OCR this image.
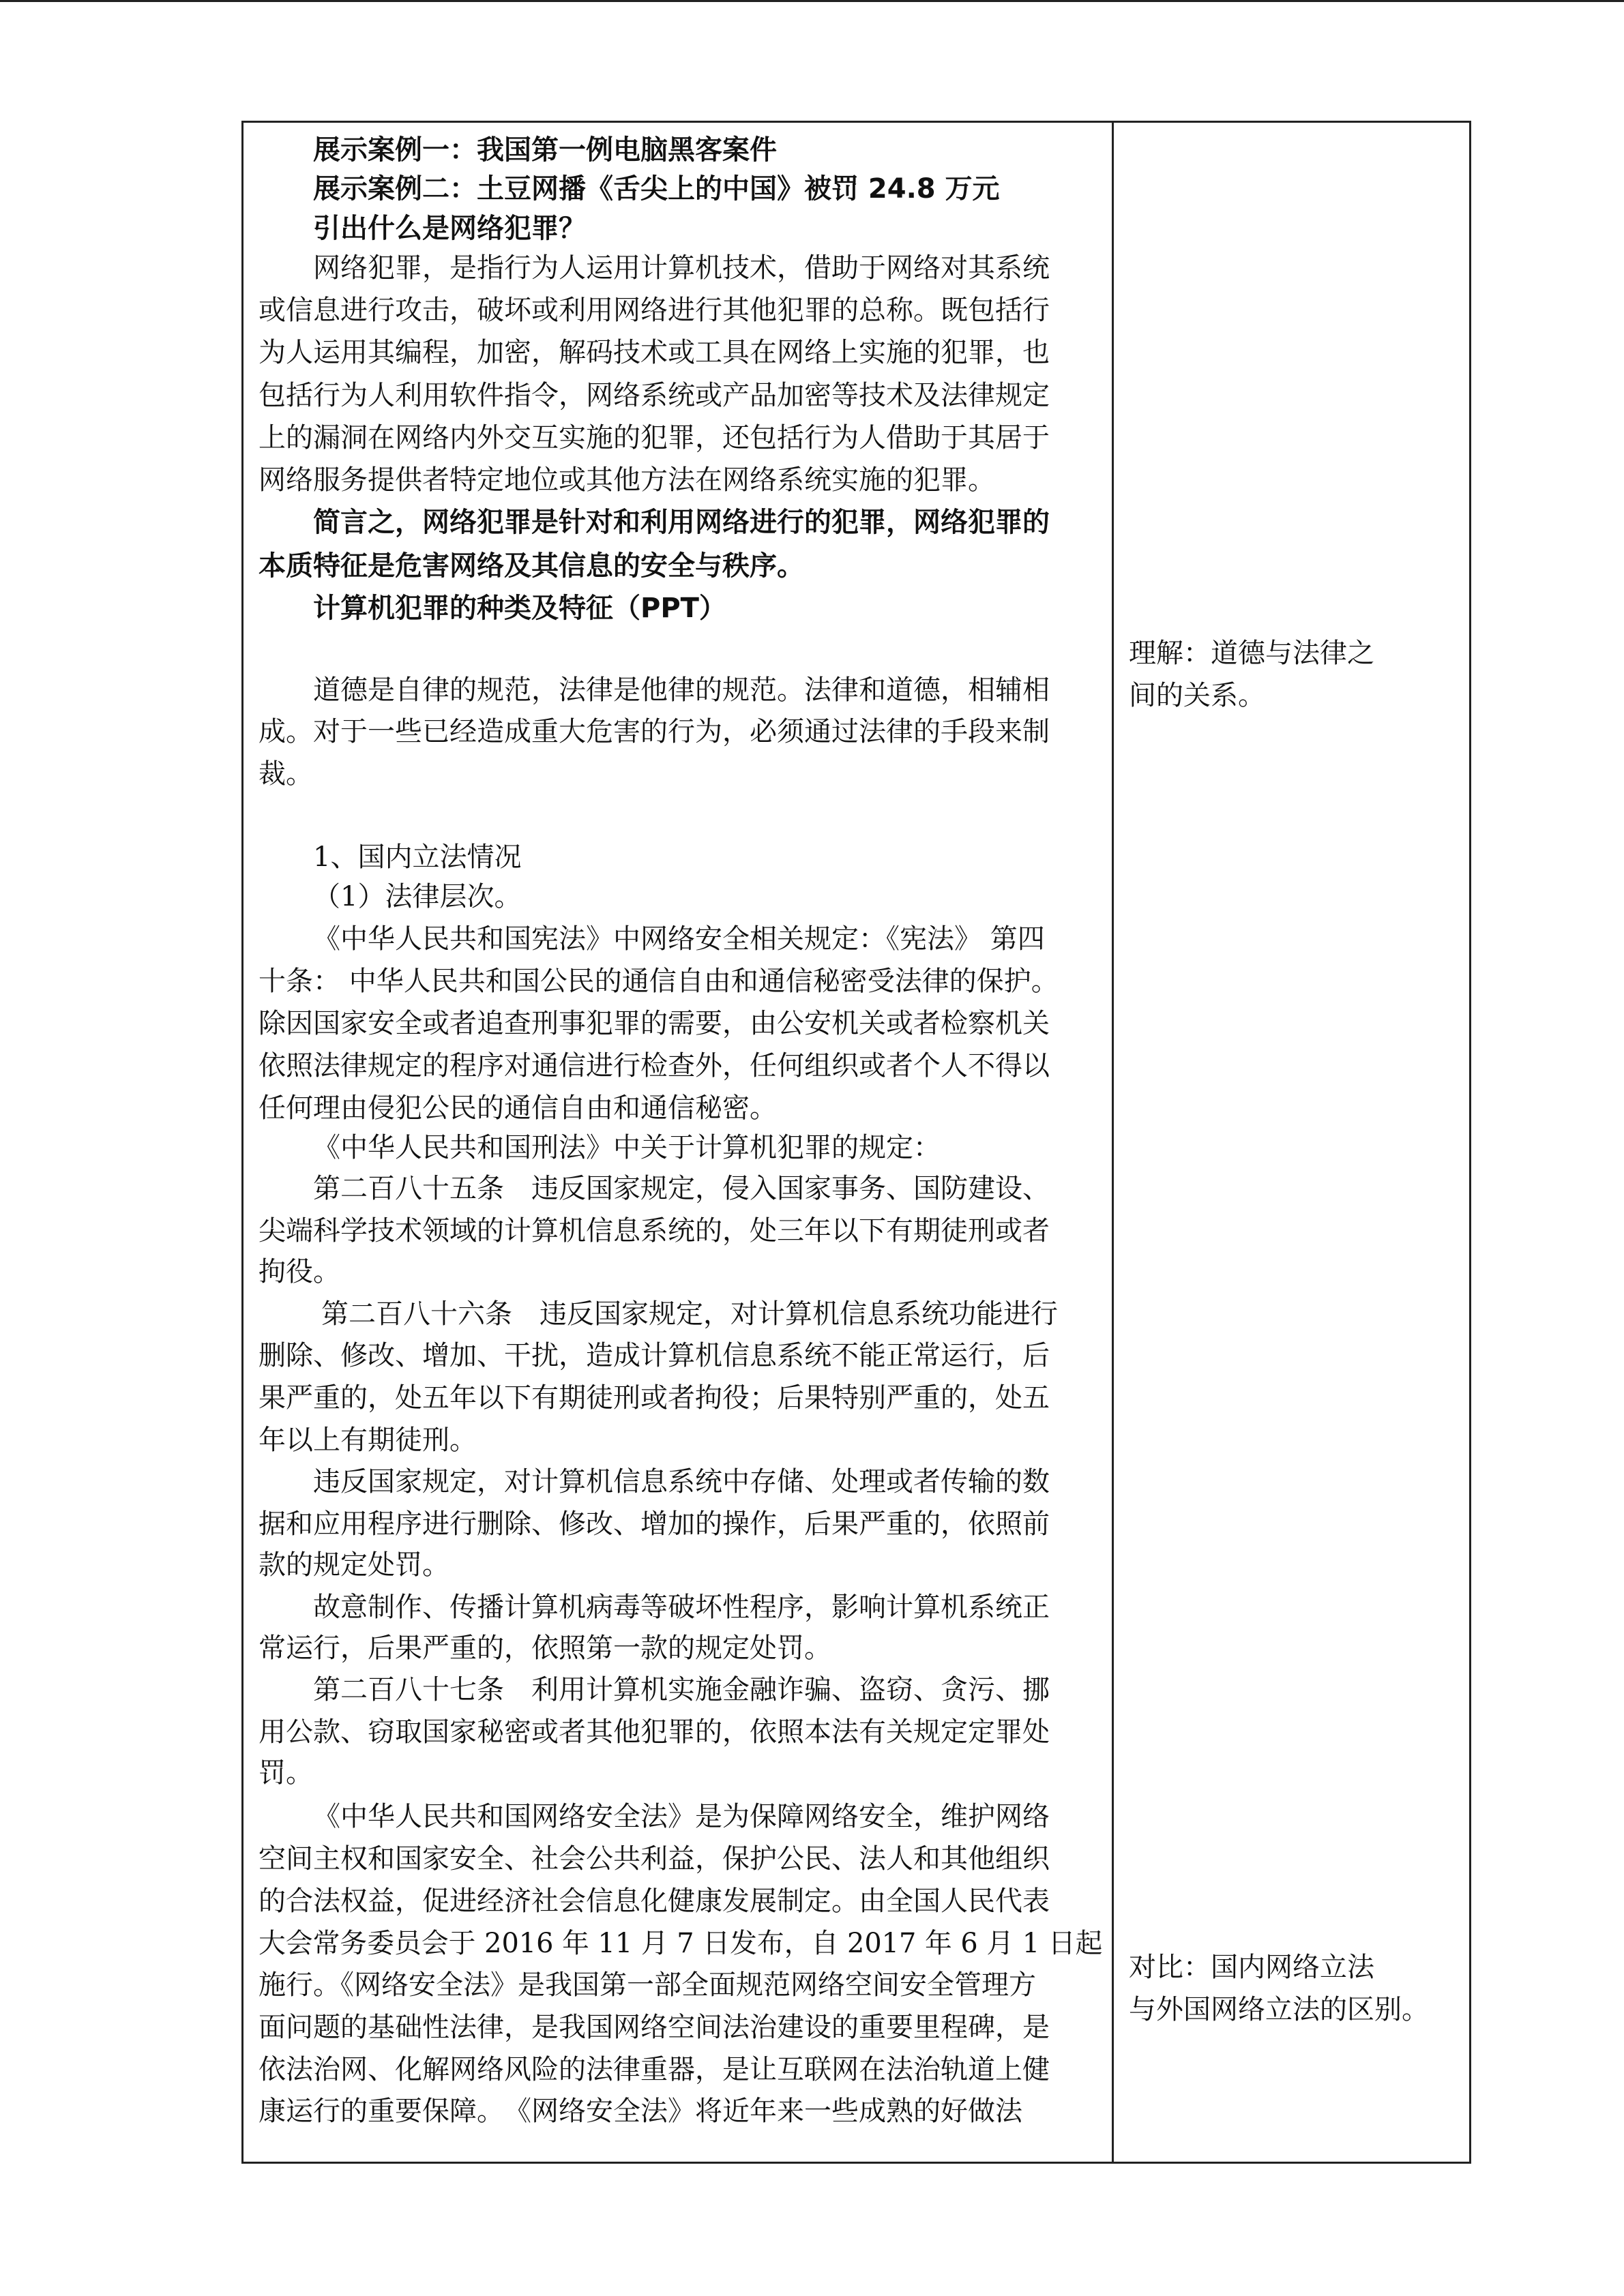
展示案例一：我国第一例电脑黑客案件
展示案例二：土豆网播《舌尖上的中国》被罚 24.8 万元
引出什么是网络犯罪？
网络犯罪，是指行为人运用计算机技术，借助于网络对其系统
或信息进行攻击，破坏或利用网络进行其他犯罪的总称。既包括行
为人运用其编程，加密，解码技术或工具在网络上实施的犯罪，也
包括行为人利用软件指令，网络系统或产品加密等技术及法律规定
上的漏洞在网络内外交互实施的犯罪，还包括行为人借助于其居于
网络服务提供者特定地位或其他方法在网络系统实施的犯罪。
简言之，网络犯罪是针对和利用网络进行的犯罪，网络犯罪的
本质特征是危害网络及其信息的安全与秩序。
计算机犯罪的种类及特征（PPT）
道德是自律的规范，法律是他律的规范。法律和道德，相辅相
成。对于一些已经造成重大危害的行为，必须通过法律的手段来制
裁。
1、国内立法情况
（1）法律层次。
《中华人民共和国宪法》中网络安全相关规定：《宪法》 第四
十条： 中华人民共和国公民的通信自由和通信秘密受法律的保护。
除因国家安全或者追查刑事犯罪的需要，由公安机关或者检察机关
依照法律规定的程序对通信进行检查外，任何组织或者个人不得以
任何理由侵犯公民的通信自由和通信秘密。
《中华人民共和国刑法》中关于计算机犯罪的规定：
第二百八十五条　违反国家规定，侵入国家事务、国防建设、
尖端科学技术领域的计算机信息系统的，处三年以下有期徒刑或者
拘役。
第二百八十六条　违反国家规定，对计算机信息系统功能进行
删除、修改、增加、干扰，造成计算机信息系统不能正常运行，后
果严重的，处五年以下有期徒刑或者拘役；后果特别严重的，处五
年以上有期徒刑。
违反国家规定，对计算机信息系统中存储、处理或者传输的数
据和应用程序进行删除、修改、增加的操作，后果严重的，依照前
款的规定处罚。
故意制作、传播计算机病毒等破坏性程序，影响计算机系统正
常运行，后果严重的，依照第一款的规定处罚。
第二百八十七条　利用计算机实施金融诈骗、盗窃、贪污、挪
用公款、窃取国家秘密或者其他犯罪的，依照本法有关规定定罪处
罚。
《中华人民共和国网络安全法》是为保障网络安全，维护网络
空间主权和国家安全、社会公共利益，保护公民、法人和其他组织
的合法权益，促进经济社会信息化健康发展制定。由全国人民代表
大会常务委员会于 2016 年 11 月 7 日发布，自 2017 年 6 月 1 日起
施行。《网络安全法》是我国第一部全面规范网络空间安全管理方
面问题的基础性法律，是我国网络空间法治建设的重要里程碑，是
依法治网、化解网络风险的法律重器，是让互联网在法治轨道上健
康运行的重要保障。　《网络安全法》将近年来一些成熟的好做法
理解：道德与法律之
间的关系。
对比：国内网络立法
与外国网络立法的区别。
